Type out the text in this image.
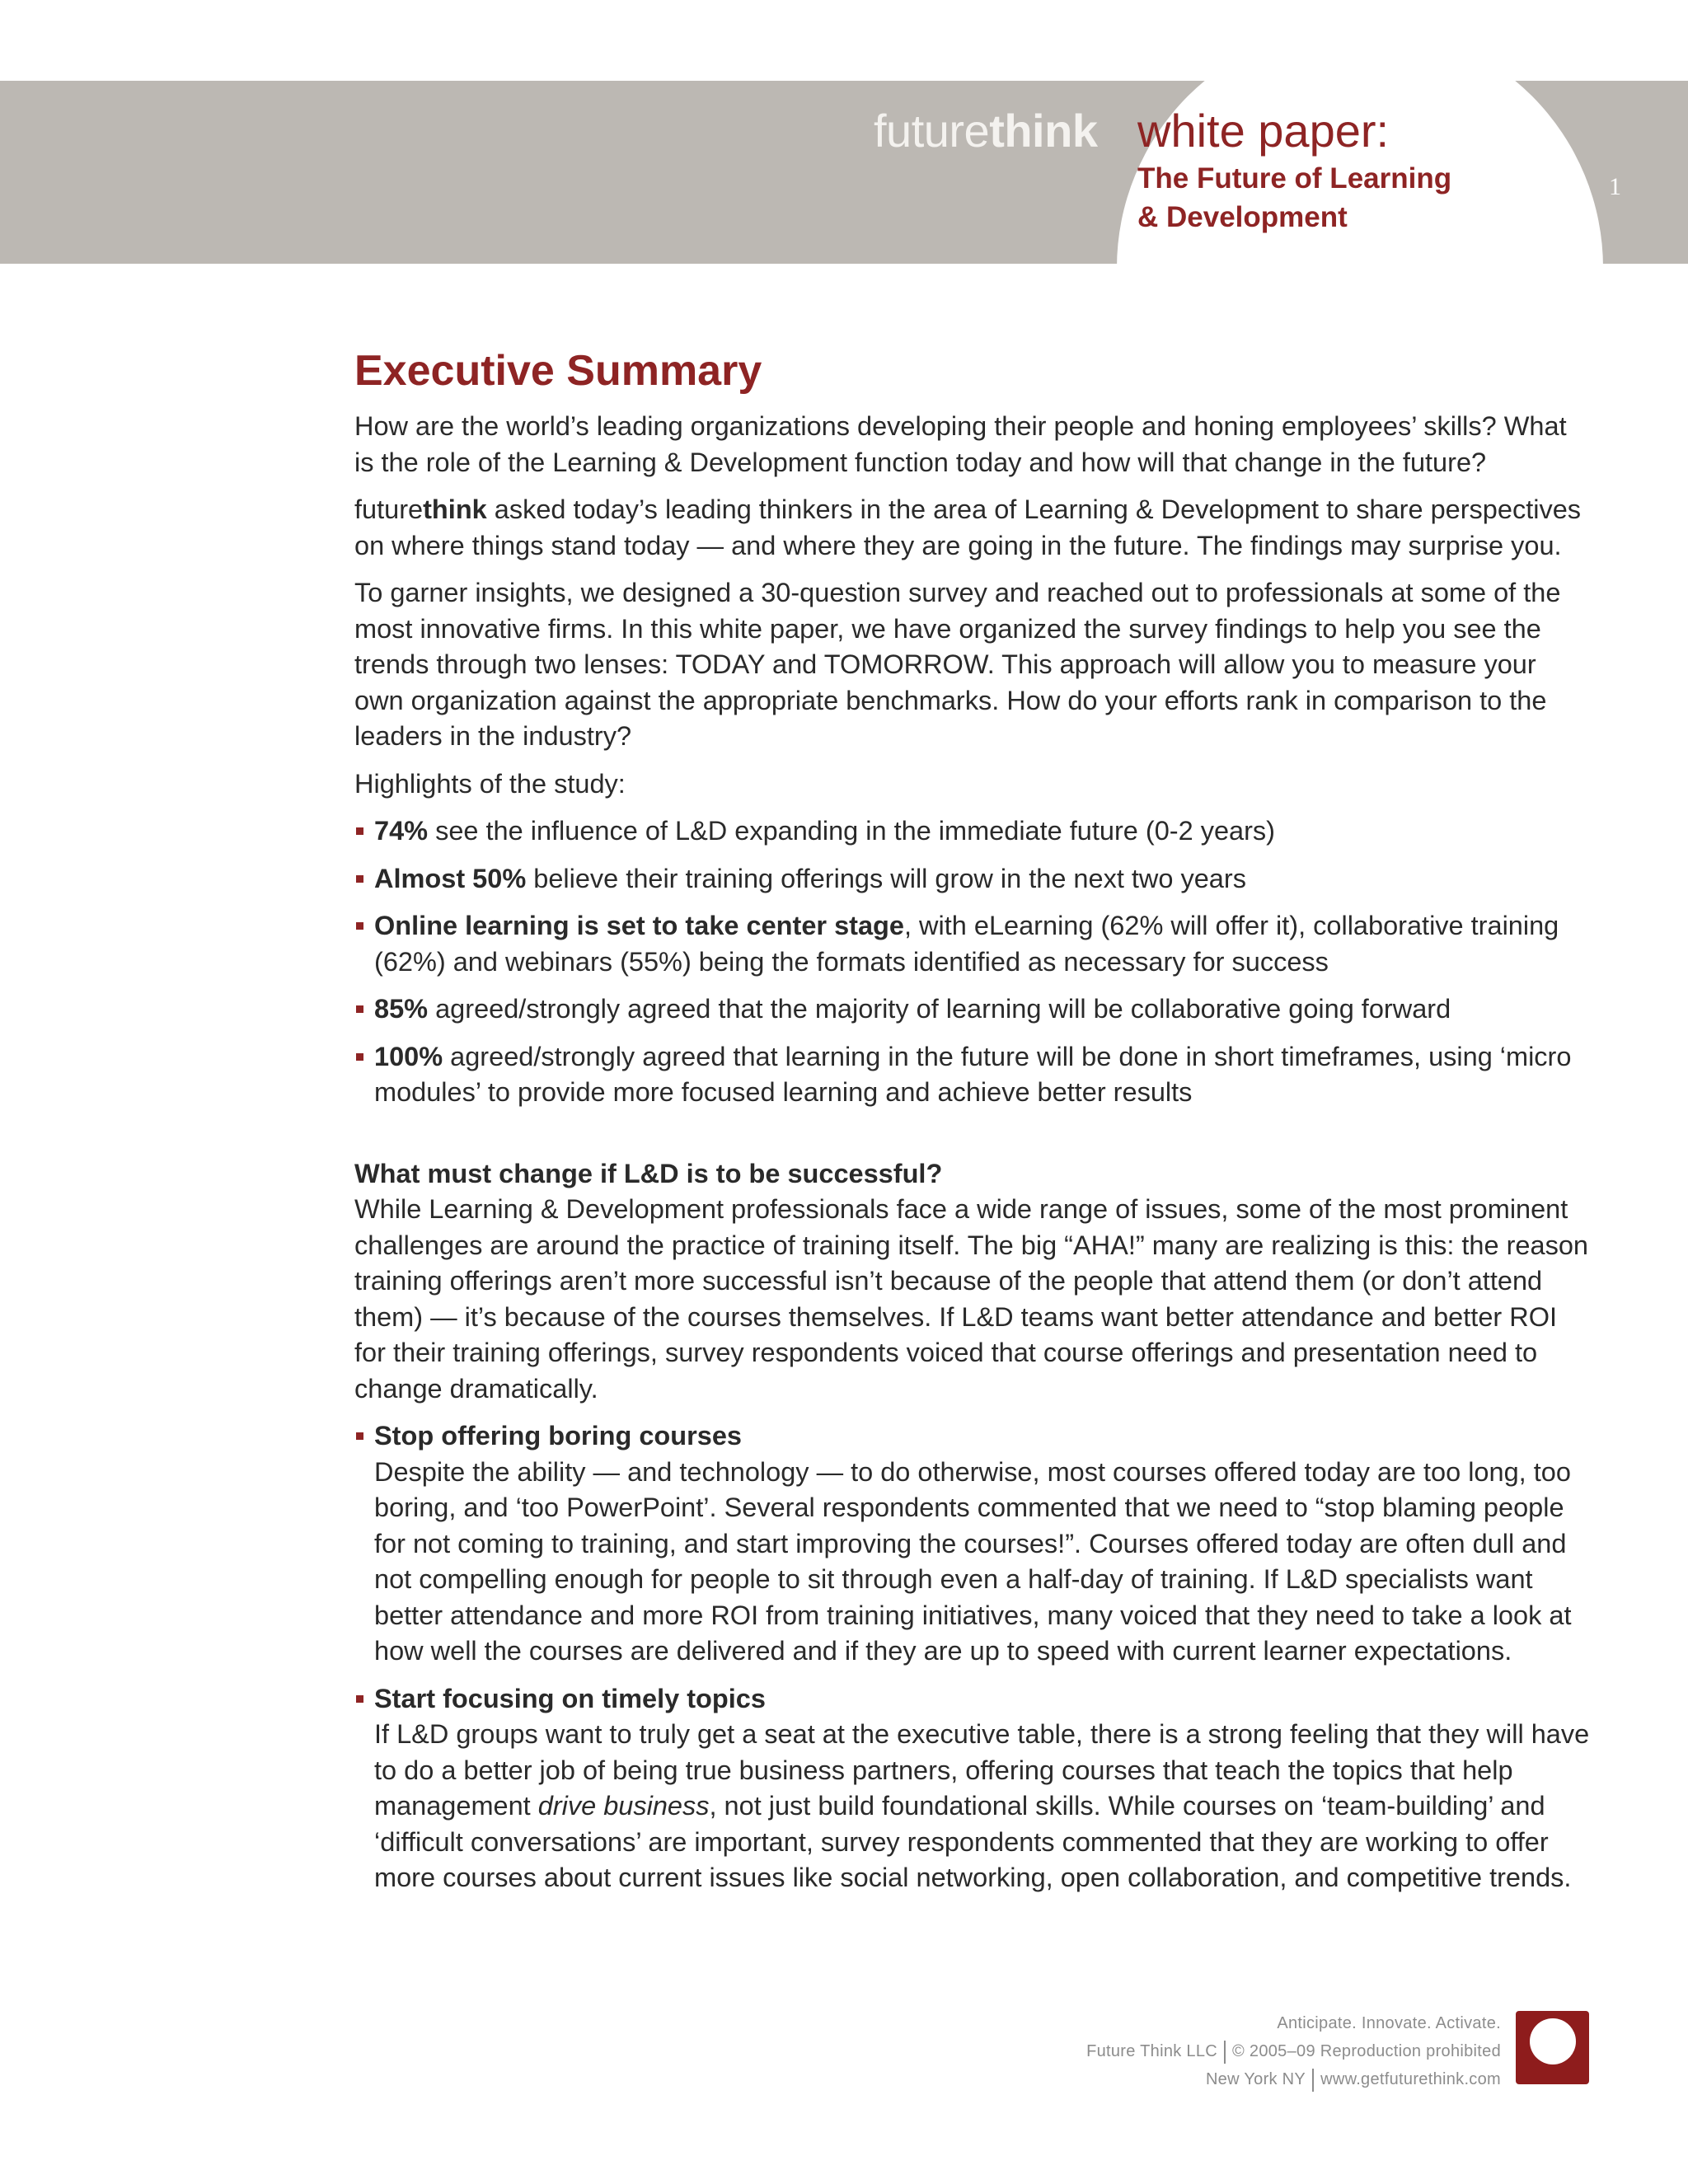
futurethink white paper:
The Future of Learning
& Development
1
Executive Summary

How are the world’s leading organizations developing their people and honing employees’ skills? What is the role of the Learning & Development function today and how will that change in the future?

futurethink asked today’s leading thinkers in the area of Learning & Development to share perspectives on where things stand today — and where they are going in the future. The findings may surprise you.

To garner insights, we designed a 30-question survey and reached out to professionals at some of the most innovative firms. In this white paper, we have organized the survey findings to help you see the trends through two lenses: TODAY and TOMORROW. This approach will allow you to measure your own organization against the appropriate benchmarks. How do your efforts rank in comparison to the leaders in the industry?

Highlights of the study:

74% see the influence of L&D expanding in the immediate future (0-2 years)
Almost 50% believe their training offerings will grow in the next two years
Online learning is set to take center stage, with eLearning (62% will offer it), collaborative training (62%) and webinars (55%) being the formats identified as necessary for success
85% agreed/strongly agreed that the majority of learning will be collaborative going forward
100% agreed/strongly agreed that learning in the future will be done in short timeframes, using ‘micro modules’ to provide more focused learning and achieve better results

What must change if L&D is to be successful?

While Learning & Development professionals face a wide range of issues, some of the most prominent challenges are around the practice of training itself. The big “AHA!” many are realizing is this: the reason training offerings aren’t more successful isn’t because of the people that attend them (or don’t attend them) — it’s because of the courses themselves. If L&D teams want better attendance and better ROI for their training offerings, survey respondents voiced that course offerings and presentation need to change dramatically.

Stop offering boring courses
Despite the ability — and technology — to do otherwise, most courses offered today are too long, too boring, and ‘too PowerPoint’. Several respondents commented that we need to “stop blaming people for not coming to training, and start improving the courses!”. Courses offered today are often dull and not compelling enough for people to sit through even a half-day of training. If L&D specialists want better attendance and more ROI from training initiatives, many voiced that they need to take a look at how well the courses are delivered and if they are up to speed with current learner expectations.
Start focusing on timely topics
If L&D groups want to truly get a seat at the executive table, there is a strong feeling that they will have to do a better job of being true business partners, offering courses that teach the topics that help management drive business, not just build foundational skills. While courses on ‘team-building’ and ‘difficult conversations’ are important, survey respondents commented that they are working to offer more courses about current issues like social networking, open collaboration, and competitive trends.
Anticipate. Innovate. Activate.
Future Think LLC © 2005–09 Reproduction prohibited
New York NY www.getfuturethink.com
